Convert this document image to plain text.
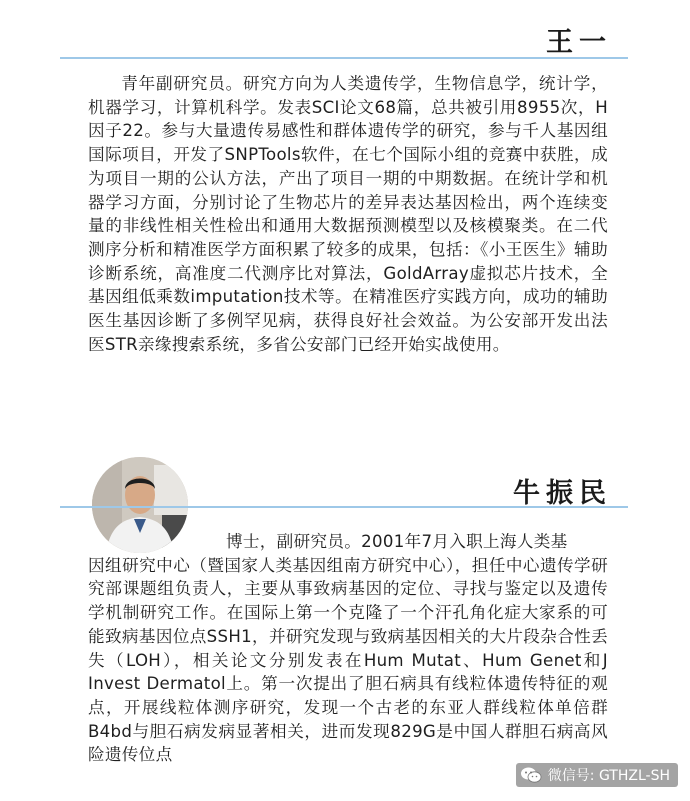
王一

青年副研究员。研究方向为人类遗传学，生物信息学，统计学，机器学习，计算机科学。发表SCI论文68篇，总共被引用8955次，H因子22。参与大量遗传易感性和群体遗传学的研究，参与千人基因组国际项目，开发了SNPTools软件，在七个国际小组的竞赛中获胜，成为项目一期的公认方法，产出了项目一期的中期数据。在统计学和机器学习方面，分别讨论了生物芯片的差异表达基因检出，两个连续变量的非线性相关性检出和通用大数据预测模型以及核模聚类。在二代测序分析和精准医学方面积累了较多的成果，包括：《小王医生》辅助诊断系统，高准度二代测序比对算法，GoldArray虚拟芯片技术，全基因组低乘数imputation技术等。在精准医疗实践方向，成功的辅助医生基因诊断了多例罕见病，获得良好社会效益。为公安部开发出法医STR亲缘搜索系统，多省公安部门已经开始实战使用。

牛振民

博士，副研究员。2001年7月入职上海人类基
因组研究中心（暨国家人类基因组南方研究中心），担任中心遗传学研究部课题组负责人，主要从事致病基因的定位、寻找与鉴定以及遗传学机制研究工作。在国际上第一个克隆了一个汗孔角化症大家系的可能致病基因位点SSH1，并研究发现与致病基因相关的大片段杂合性丢失（LOH），相关论文分别发表在Hum Mutat、Hum Genet和J Invest Dermatol上。第一次提出了胆石病具有线粒体遗传特征的观点，开展线粒体测序研究，发现一个古老的东亚人群线粒体单倍群B4bd与胆石病发病显著相关，进而发现829G是中国人群胆石病高风险遗传位点

微信号: GTHZL-SH
